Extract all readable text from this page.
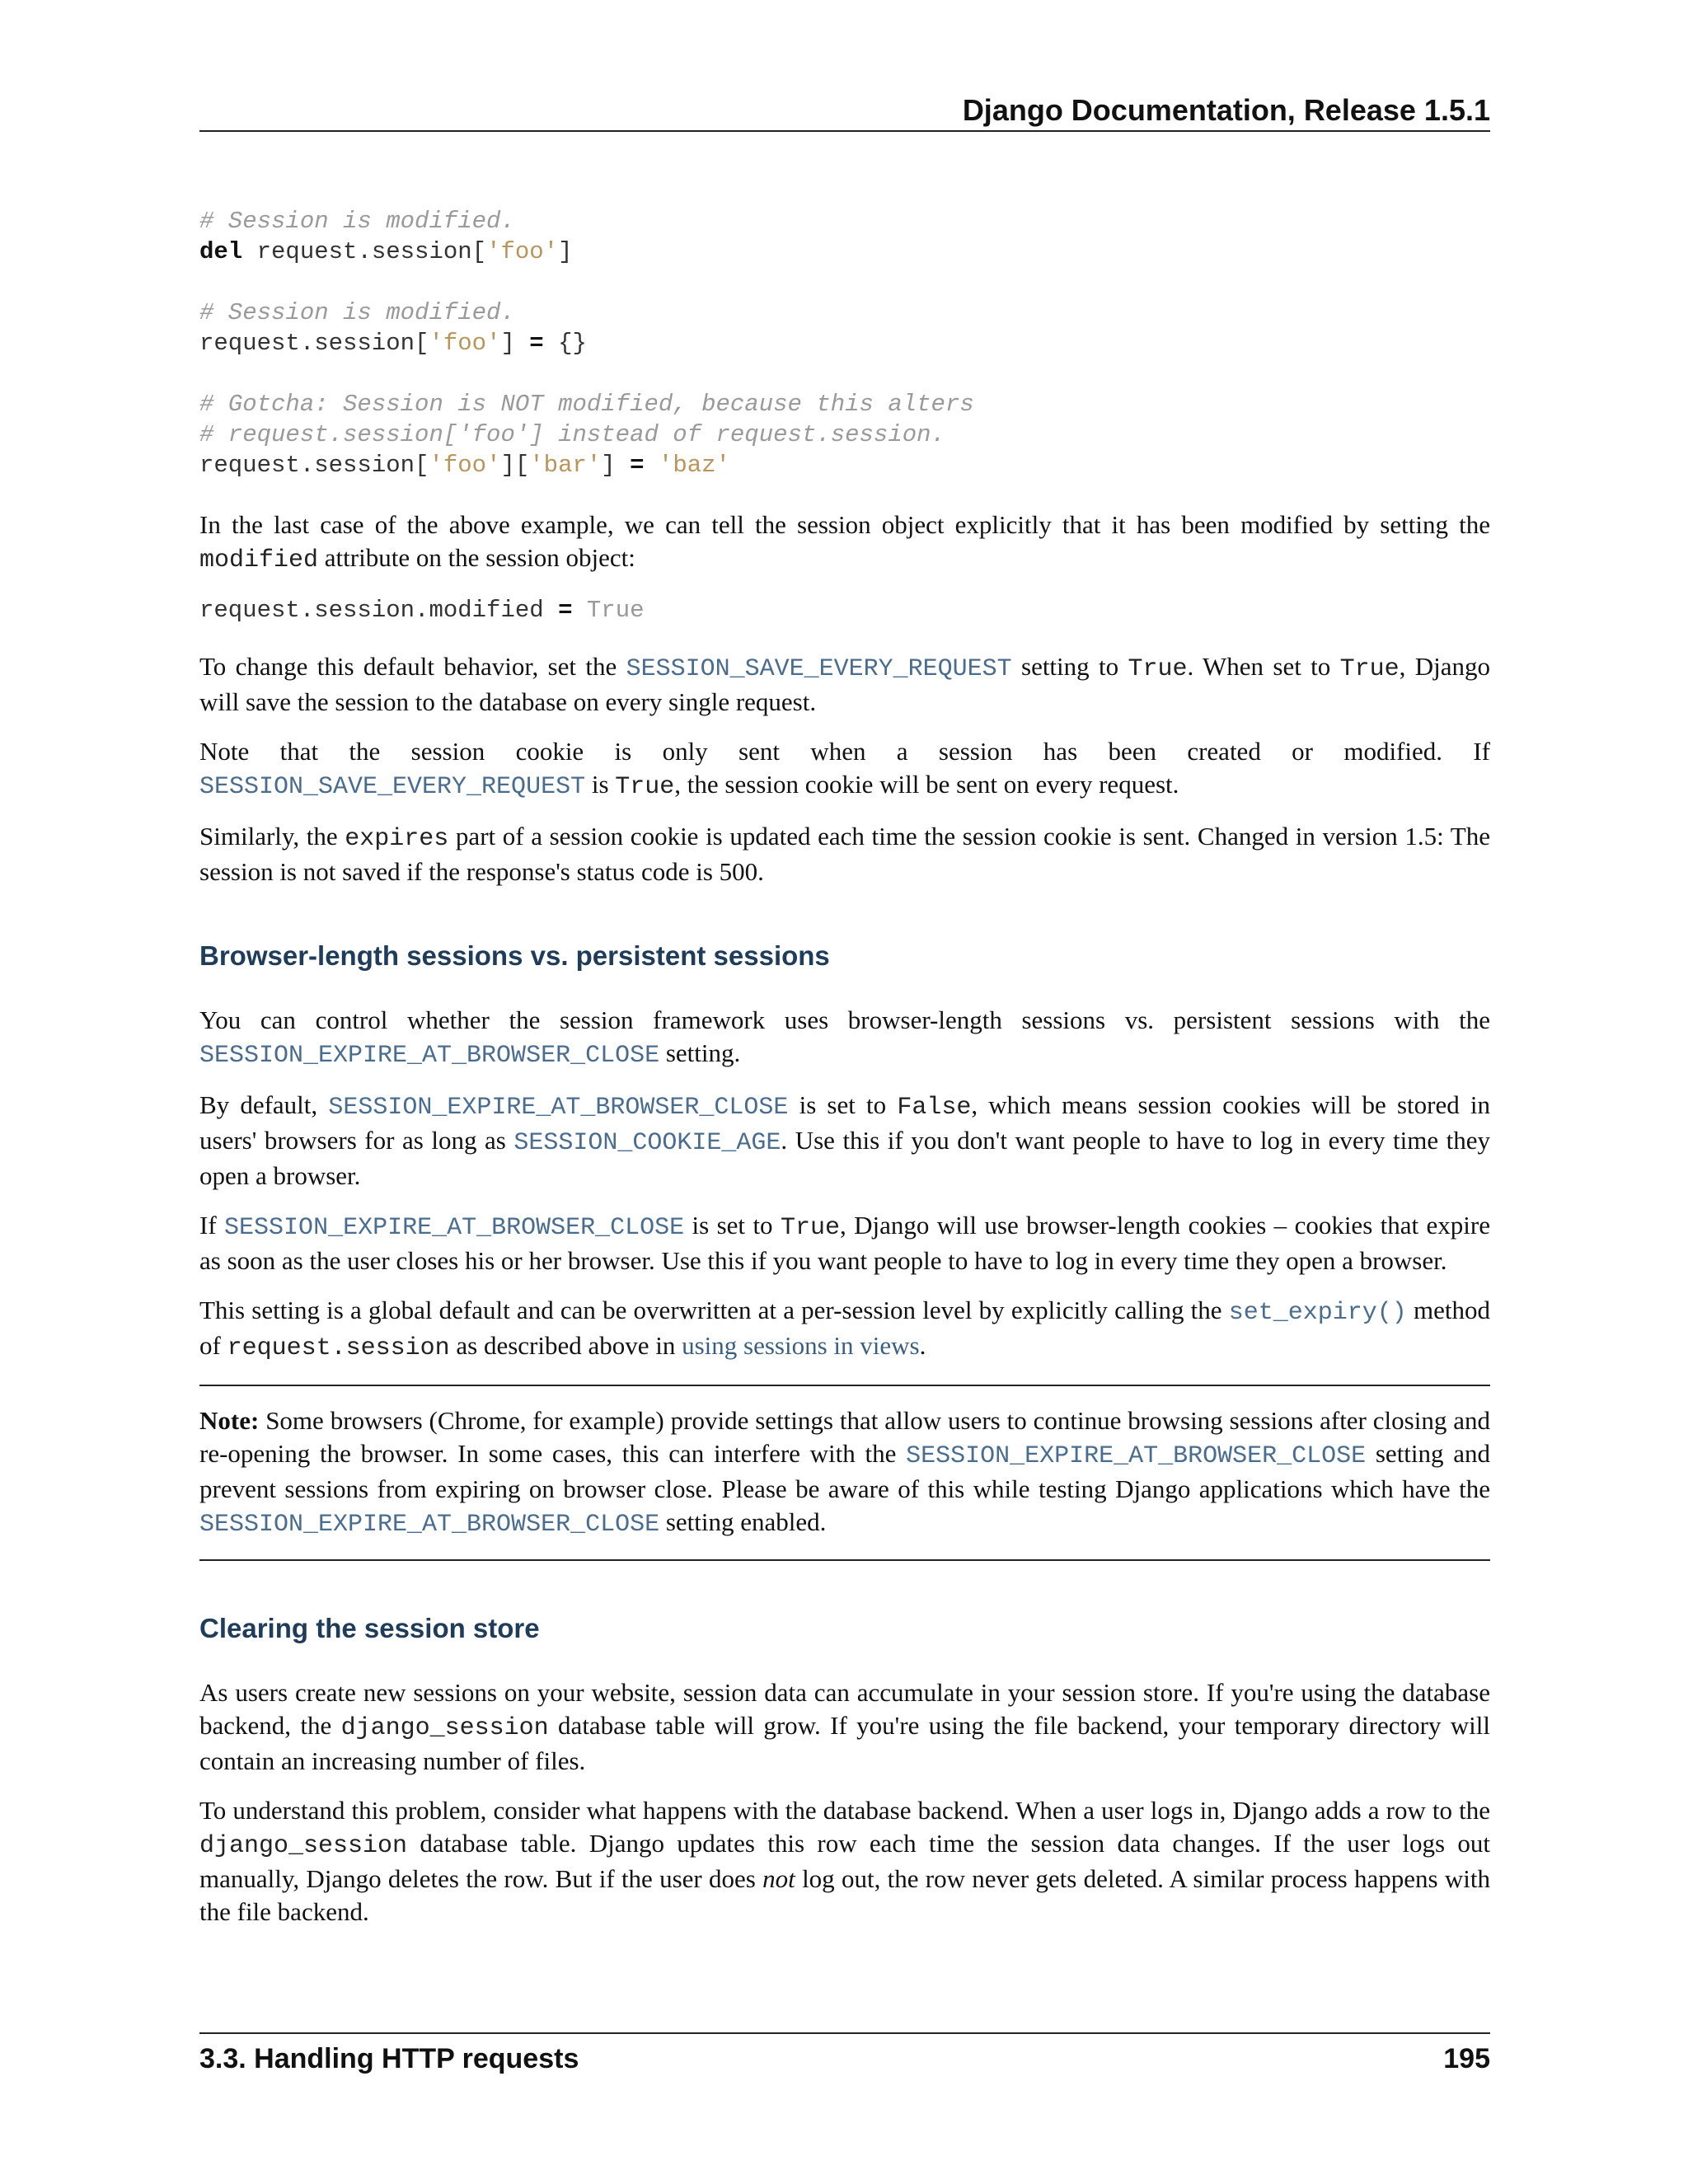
Django Documentation, Release 1.5.1
# Session is modified.
del request.session['foo']

# Session is modified.
request.session['foo'] = {}

# Gotcha: Session is NOT modified, because this alters
# request.session['foo'] instead of request.session.
request.session['foo']['bar'] = 'baz'

In the last case of the above example, we can tell the session object explicitly that it has been modified by setting the modified attribute on the session object:

request.session.modified = True

To change this default behavior, set the SESSION_SAVE_EVERY_REQUEST setting to True. When set to True, Django will save the session to the database on every single request.

Note that the session cookie is only sent when a session has been created or modified. If SESSION_SAVE_EVERY_REQUEST is True, the session cookie will be sent on every request.

Similarly, the expires part of a session cookie is updated each time the session cookie is sent. Changed in version 1.5: The session is not saved if the response's status code is 500.

Browser-length sessions vs. persistent sessions

You can control whether the session framework uses browser-length sessions vs. persistent sessions with the SESSION_EXPIRE_AT_BROWSER_CLOSE setting.

By default, SESSION_EXPIRE_AT_BROWSER_CLOSE is set to False, which means session cookies will be stored in users' browsers for as long as SESSION_COOKIE_AGE. Use this if you don't want people to have to log in every time they open a browser.

If SESSION_EXPIRE_AT_BROWSER_CLOSE is set to True, Django will use browser-length cookies – cookies that expire as soon as the user closes his or her browser. Use this if you want people to have to log in every time they open a browser.

This setting is a global default and can be overwritten at a per-session level by explicitly calling the set_expiry() method of request.session as described above in using sessions in views.

Note: Some browsers (Chrome, for example) provide settings that allow users to continue browsing sessions after closing and re-opening the browser. In some cases, this can interfere with the SESSION_EXPIRE_AT_BROWSER_CLOSE setting and prevent sessions from expiring on browser close. Please be aware of this while testing Django applications which have the SESSION_EXPIRE_AT_BROWSER_CLOSE setting enabled.

Clearing the session store

As users create new sessions on your website, session data can accumulate in your session store. If you're using the database backend, the django_session database table will grow. If you're using the file backend, your temporary directory will contain an increasing number of files.

To understand this problem, consider what happens with the database backend. When a user logs in, Django adds a row to the django_session database table. Django updates this row each time the session data changes. If the user logs out manually, Django deletes the row. But if the user does not log out, the row never gets deleted. A similar process happens with the file backend.

3.3. Handling HTTP requests	195
